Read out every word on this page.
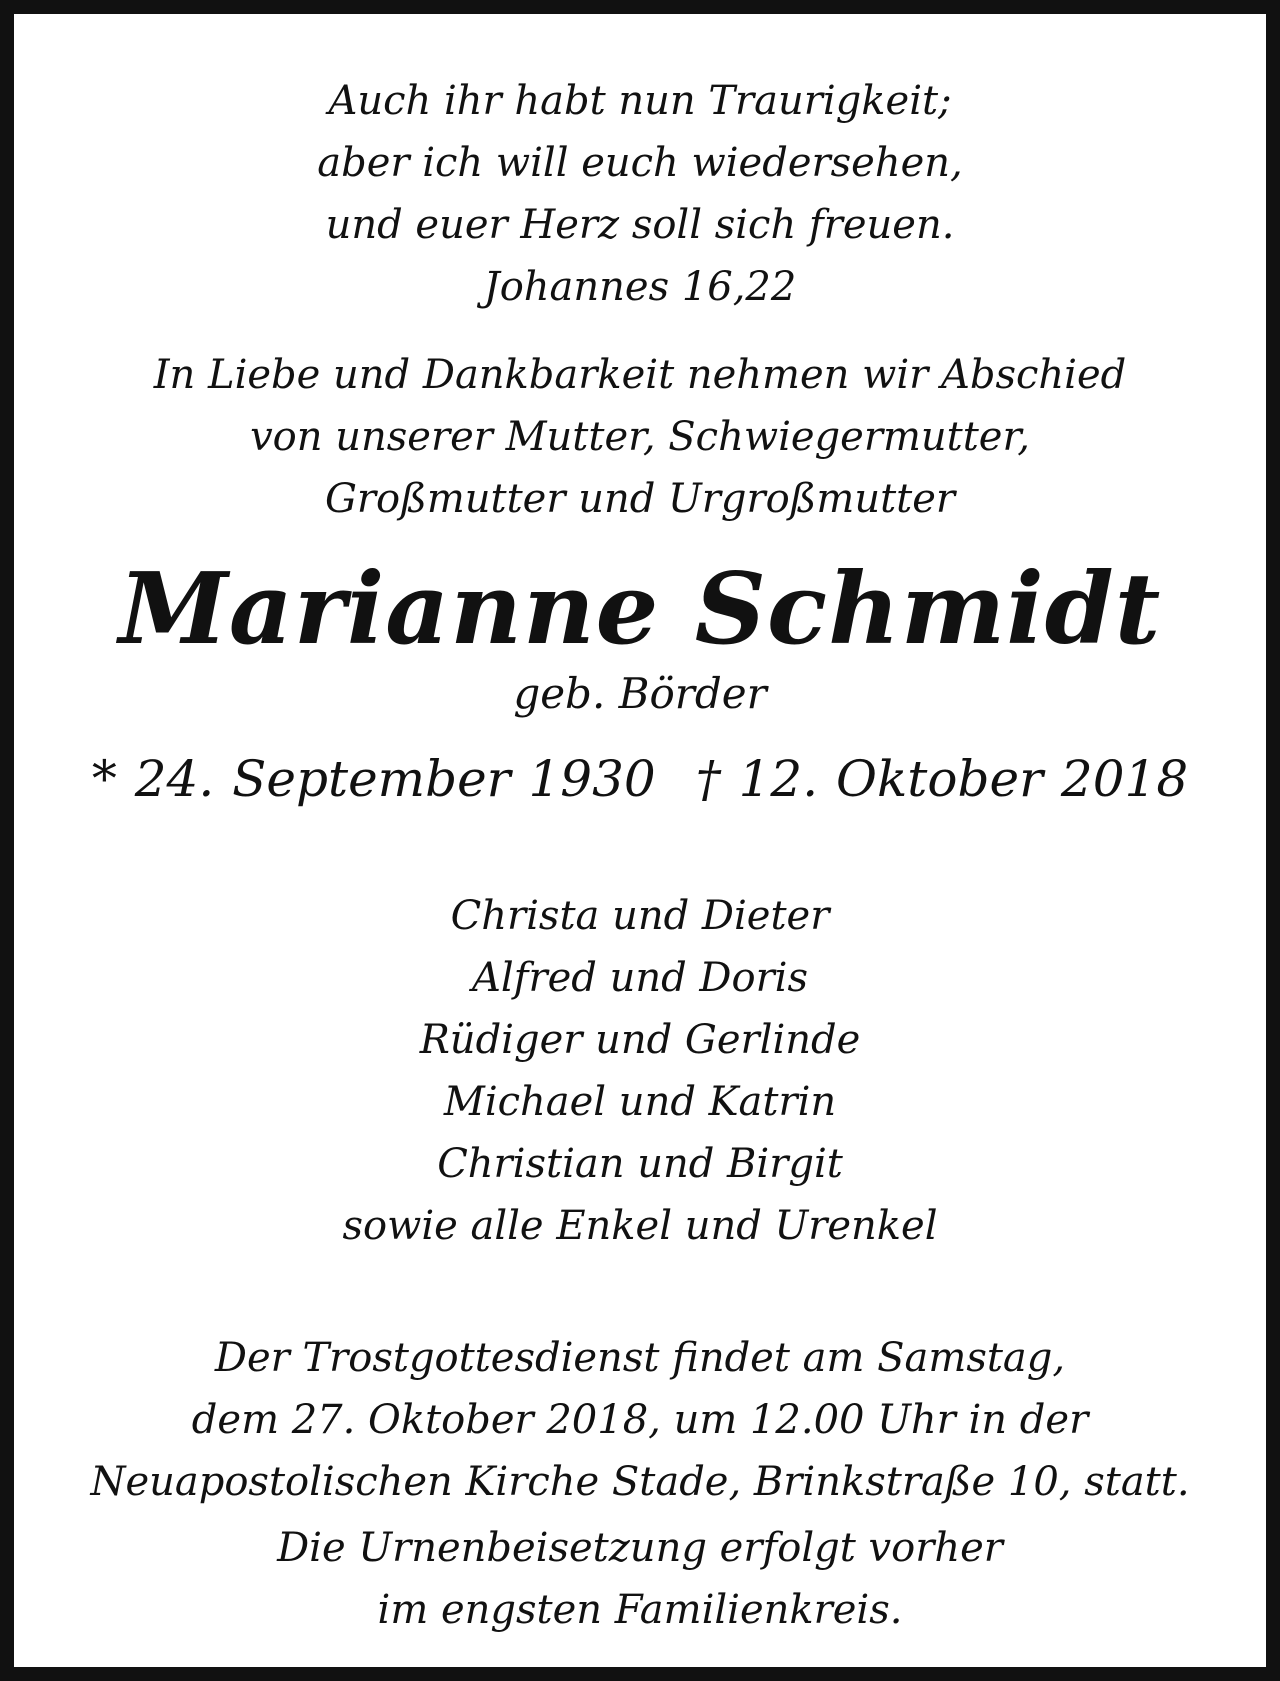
Auch ihr habt nun Traurigkeit;
aber ich will euch wiedersehen,
und euer Herz soll sich freuen.
Johannes 16,22
In Liebe und Dankbarkeit nehmen wir Abschied
von unserer Mutter, Schwiegermutter,
Großmutter und Urgroßmutter
Marianne Schmidt
geb. Börder
* 24. September 1930 † 12. Oktober 2018
Christa und Dieter
Alfred und Doris
Rüdiger und Gerlinde
Michael und Katrin
Christian und Birgit
sowie alle Enkel und Urenkel
Der Trostgottesdienst findet am Samstag,
dem 27. Oktober 2018, um 12.00 Uhr in der
Neuapostolischen Kirche Stade, Brinkstraße 10, statt.
Die Urnenbeisetzung erfolgt vorher
im engsten Familienkreis.
